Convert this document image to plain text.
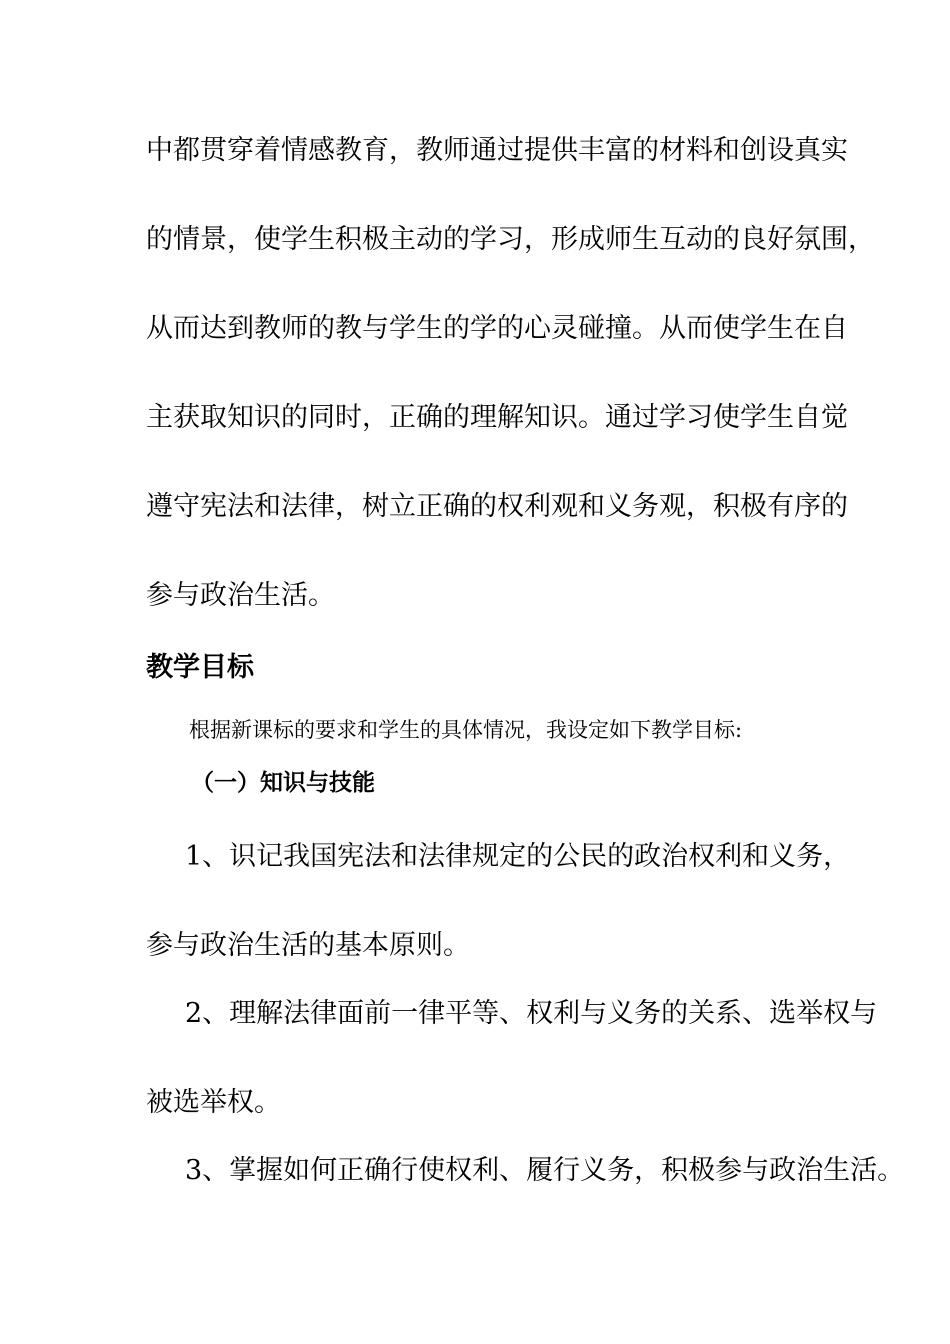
中都贯穿着情感教育，教师通过提供丰富的材料和创设真实
的情景，使学生积极主动的学习，形成师生互动的良好氛围，
从而达到教师的教与学生的学的心灵碰撞。从而使学生在自
主获取知识的同时，正确的理解知识。通过学习使学生自觉
遵守宪法和法律，树立正确的权利观和义务观，积极有序的
参与政治生活。
教学目标
根据新课标的要求和学生的具体情况，我设定如下教学目标:
（一）知识与技能
1、识记我国宪法和法律规定的公民的政治权利和义务，
参与政治生活的基本原则。
2、理解法律面前一律平等、权利与义务的关系、选举权与
被选举权。
3、掌握如何正确行使权利、履行义务，积极参与政治生活。
